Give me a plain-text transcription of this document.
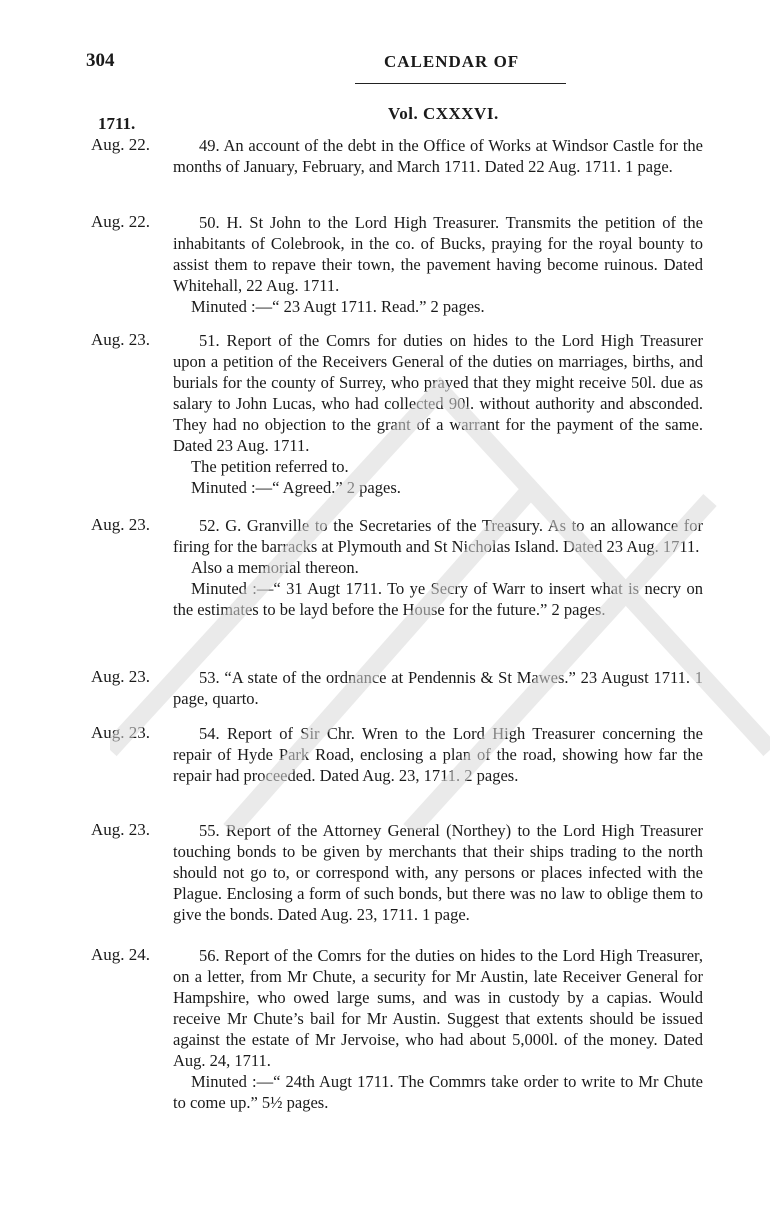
304	CALENDAR OF
1711.
Vol. CXXXVI.
Aug. 22.	49. An account of the debt in the Office of Works at Windsor Castle for the months of January, February, and March 1711. Dated 22 Aug. 1711. 1 page.

Aug. 22.	50. H. St John to the Lord High Treasurer. Transmits the petition of the inhabitants of Colebrook, in the co. of Bucks, praying for the royal bounty to assist them to repave their town, the pavement having become ruinous. Dated Whitehall, 22 Aug. 1711.

Minuted :—“ 23 Augt 1711. Read.” 2 pages.

Aug. 23.	51. Report of the Comrs for duties on hides to the Lord High Treasurer upon a petition of the Receivers General of the duties on marriages, births, and burials for the county of Surrey, who prayed that they might receive 50l. due as salary to John Lucas, who had collected 90l. without authority and absconded. They had no objection to the grant of a warrant for the payment of the same. Dated 23 Aug. 1711.

The petition referred to.

Minuted :—“ Agreed.” 2 pages.

Aug. 23.	52. G. Granville to the Secretaries of the Treasury. As to an allowance for firing for the barracks at Plymouth and St Nicholas Island. Dated 23 Aug. 1711.

Also a memorial thereon.

Minuted :—“ 31 Augt 1711. To ye Secry of Warr to insert what is necry on the estimates to be layd before the House for the future.” 2 pages.

Aug. 23.	53. “A state of the ordnance at Pendennis & St Mawes.” 23 August 1711. 1 page, quarto.

Aug. 23.	54. Report of Sir Chr. Wren to the Lord High Treasurer concerning the repair of Hyde Park Road, enclosing a plan of the road, showing how far the repair had proceeded. Dated Aug. 23, 1711. 2 pages.

Aug. 23.	55. Report of the Attorney General (Northey) to the Lord High Treasurer touching bonds to be given by merchants that their ships trading to the north should not go to, or correspond with, any persons or places infected with the Plague. Enclosing a form of such bonds, but there was no law to oblige them to give the bonds. Dated Aug. 23, 1711. 1 page.

Aug. 24.	56. Report of the Comrs for the duties on hides to the Lord High Treasurer, on a letter, from Mr Chute, a security for Mr Austin, late Receiver General for Hampshire, who owed large sums, and was in custody by a capias. Would receive Mr Chute’s bail for Mr Austin. Suggest that extents should be issued against the estate of Mr Jervoise, who had about 5,000l. of the money. Dated Aug. 24, 1711.

Minuted :—“ 24th Augt 1711. The Commrs take order to write to Mr Chute to come up.” 5½ pages.
